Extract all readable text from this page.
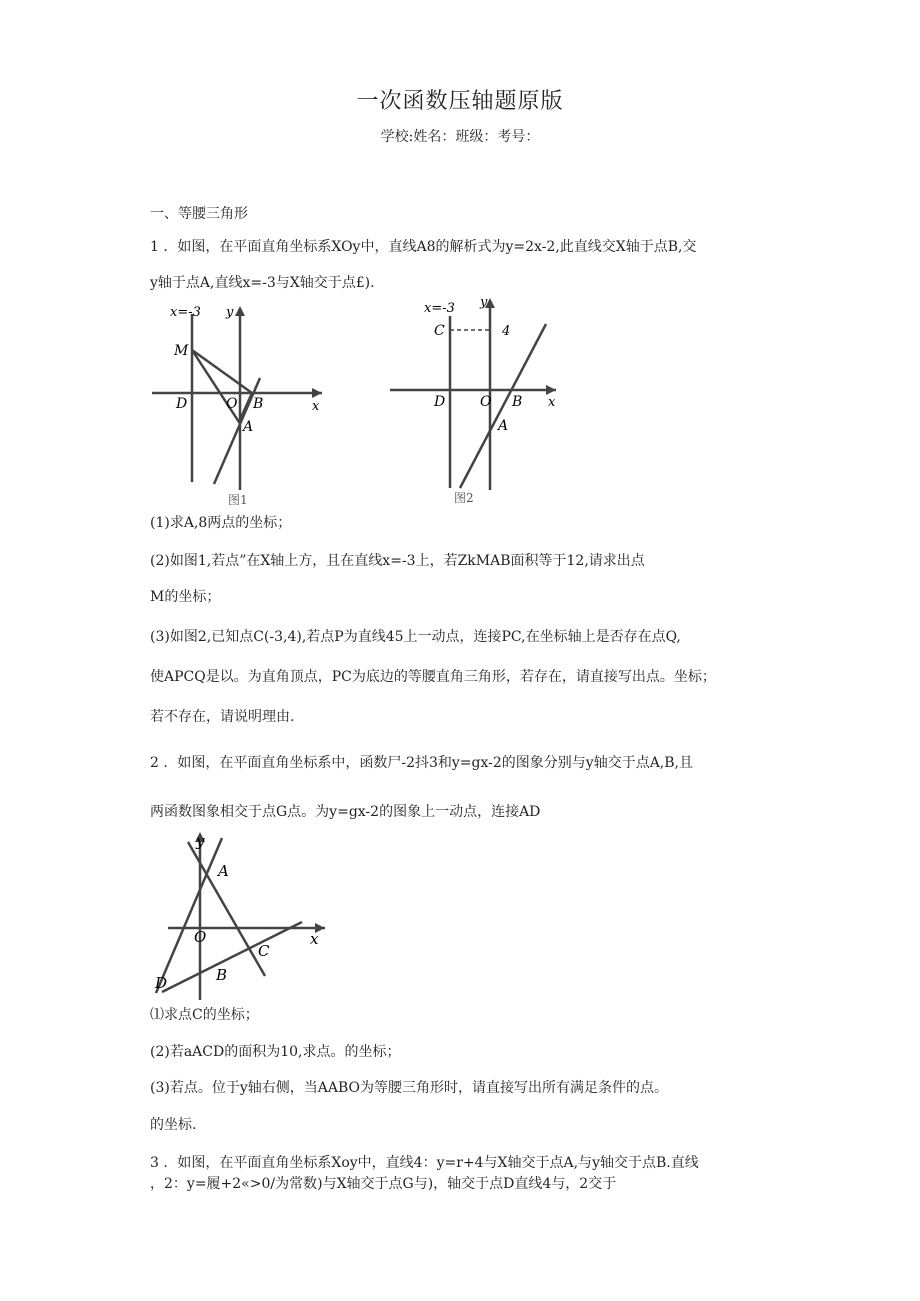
一次函数压轴题原版
学校:姓名：班级：考号：
一、等腰三角形
1 ．如图，在平面直角坐标系XOy中，直线A8的解析式为y=2x-2,此直线交X轴于点B,交
y轴于点A,直线x=-3与X轴交于点£).
x=-3 y
x
M
D	O B
A
图1
x=-3 y
x
C	4
D O B
A
图2
(1)求A,8两点的坐标；
(2)如图1,若点”在X轴上方，且在直线x=-3上，若ZkMAB面积等于12,请求出点
M的坐标；
(3)如图2,已知点C(-3,4),若点P为直线45上一动点，连接PC,在坐标轴上是否存在点Q,
使APCQ是以。为直角顶点，PC为底边的等腰直角三角形，若存在，请直接写出点。坐标；
若不存在，请说明理由.
2 ．如图，在平面直角坐标系中，函数尸-2抖3和y=gx-2的图象分别与y轴交于点A,B,且
两函数图象相交于点G点。为y=gx-2的图象上一动点，连接AD
y
x
A
O
C
B
D
⑴求点C的坐标；
(2)若aACD的面积为10,求点。的坐标；
(3)若点。位于y轴右侧，当AABO为等腰三角形时，请直接写出所有满足条件的点。
的坐标.
3 ．如图，在平面直角坐标系Xoy中，直线4：y=r+4与X轴交于点A,与y轴交于点B.直线
，2：y=履+2«>0/为常数)与X轴交于点G与)，轴交于点D直线4与，2交于
